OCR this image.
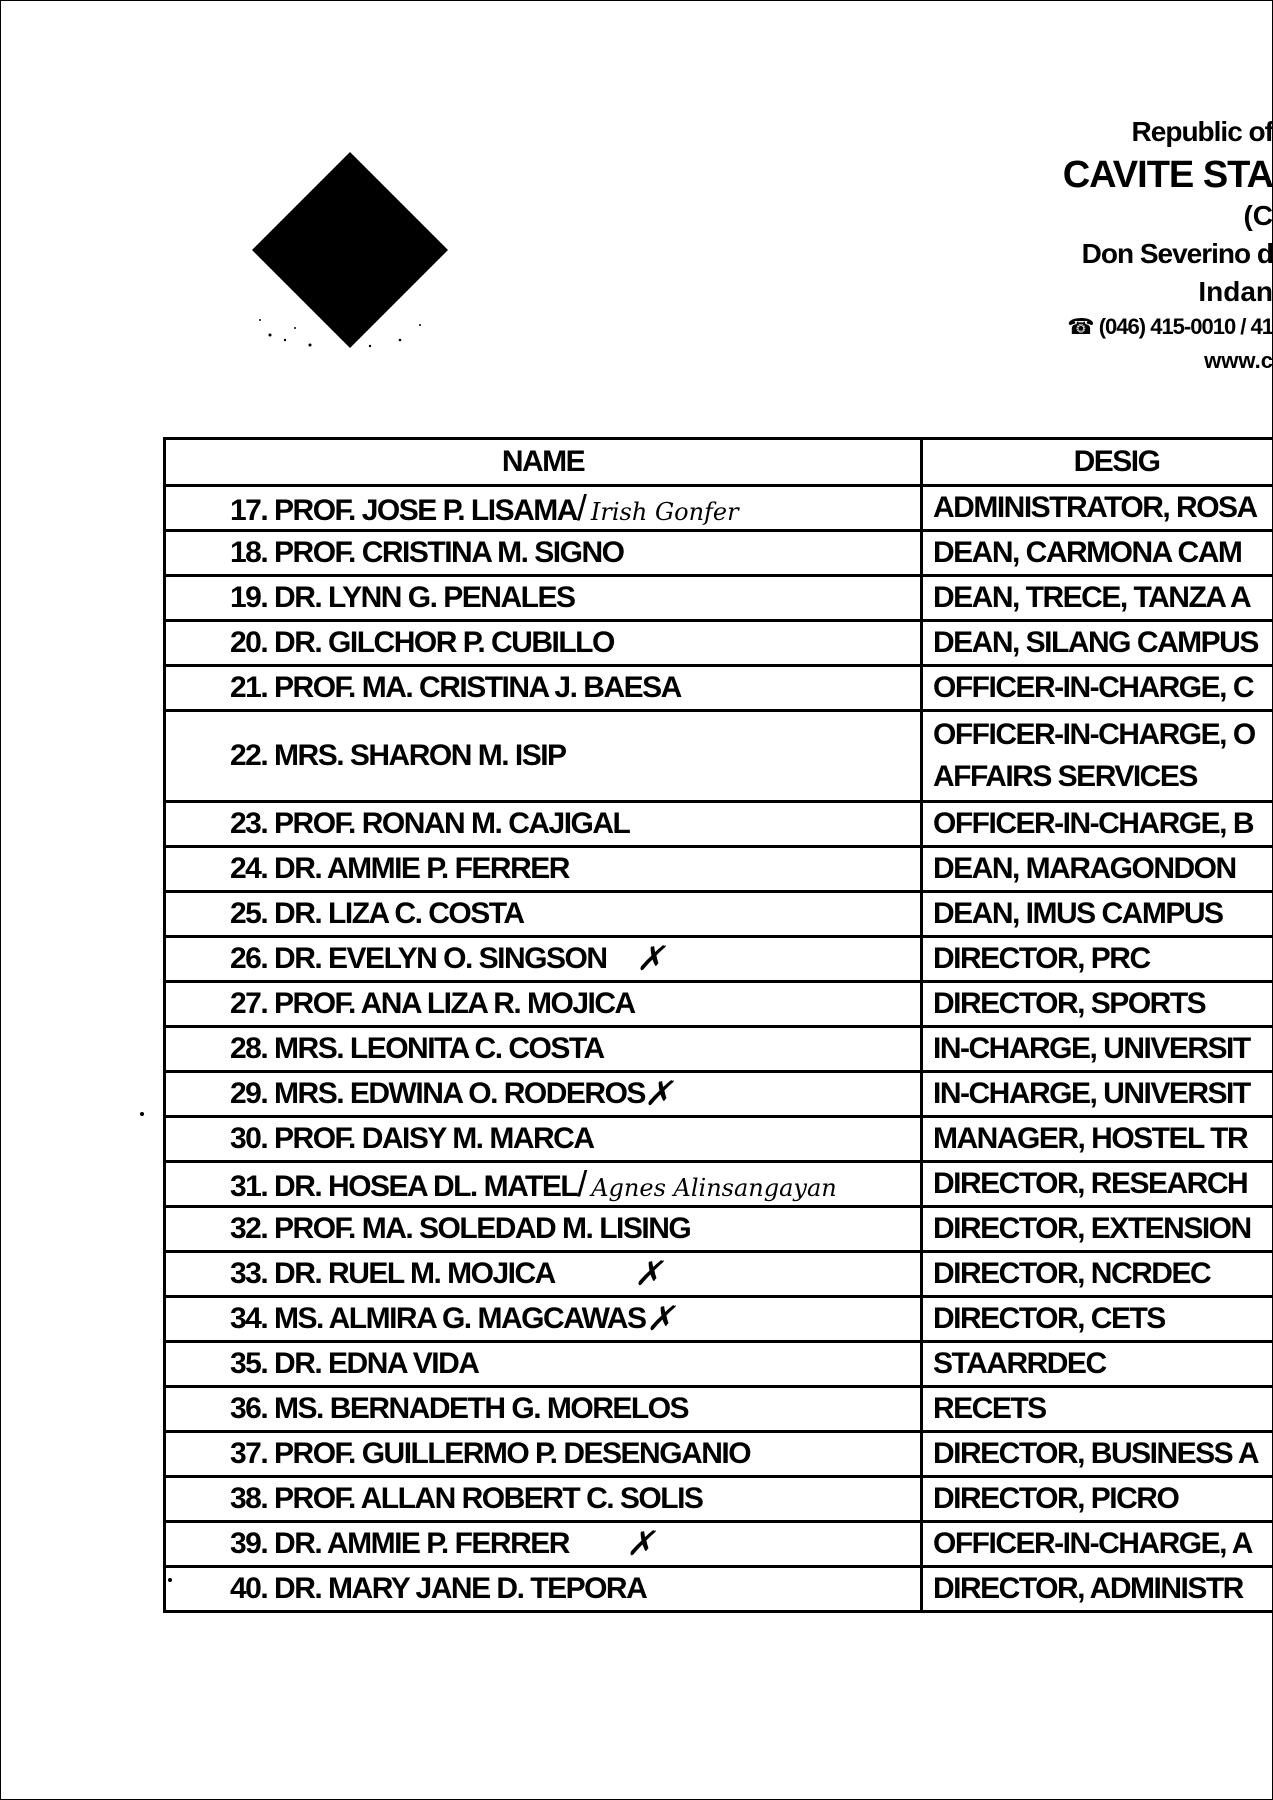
Republic of
CAVITE STA
(C
Don Severino d
Indan
☎ (046) 415-0010 / 41
www.c
NAME	DESIG
17. PROF. JOSE P. LISAMA/ Irish Gonfer	ADMINISTRATOR, ROSA

18. PROF. CRISTINA M. SIGNO	DEAN, CARMONA CAM

19. DR. LYNN G. PENALES	DEAN, TRECE, TANZA A

20. DR. GILCHOR P. CUBILLO	DEAN, SILANG CAMPUS

21. PROF. MA. CRISTINA J. BAESA	OFFICER-IN-CHARGE, C

22. MRS. SHARON M. ISIP	OFFICER-IN-CHARGE, O
AFFAIRS SERVICES

23. PROF. RONAN M. CAJIGAL	OFFICER-IN-CHARGE, B

24. DR. AMMIE P. FERRER	DEAN, MARAGONDON

25. DR. LIZA C. COSTA	DEAN, IMUS CAMPUS

26. DR. EVELYN O. SINGSON ✗	DIRECTOR, PRC

27. PROF. ANA LIZA R. MOJICA	DIRECTOR, SPORTS

28. MRS. LEONITA C. COSTA	IN-CHARGE, UNIVERSIT

29. MRS. EDWINA O. RODEROS ✗	IN-CHARGE, UNIVERSIT

30. PROF. DAISY M. MARCA	MANAGER, HOSTEL TR

31. DR. HOSEA DL. MATEL/ Agnes Alinsangayan	DIRECTOR, RESEARCH

32. PROF. MA. SOLEDAD M. LISING	DIRECTOR, EXTENSION

33. DR. RUEL M. MOJICA ✗	DIRECTOR, NCRDEC

34. MS. ALMIRA G. MAGCAWAS ✗	DIRECTOR, CETS

35. DR. EDNA VIDA	STAARRDEC

36. MS. BERNADETH G. MORELOS	RECETS

37. PROF. GUILLERMO P. DESENGANIO	DIRECTOR, BUSINESS A

38. PROF. ALLAN ROBERT C. SOLIS	DIRECTOR, PICRO

39. DR. AMMIE P. FERRER ✗	OFFICER-IN-CHARGE, A

40. DR. MARY JANE D. TEPORA	DIRECTOR, ADMINISTR
